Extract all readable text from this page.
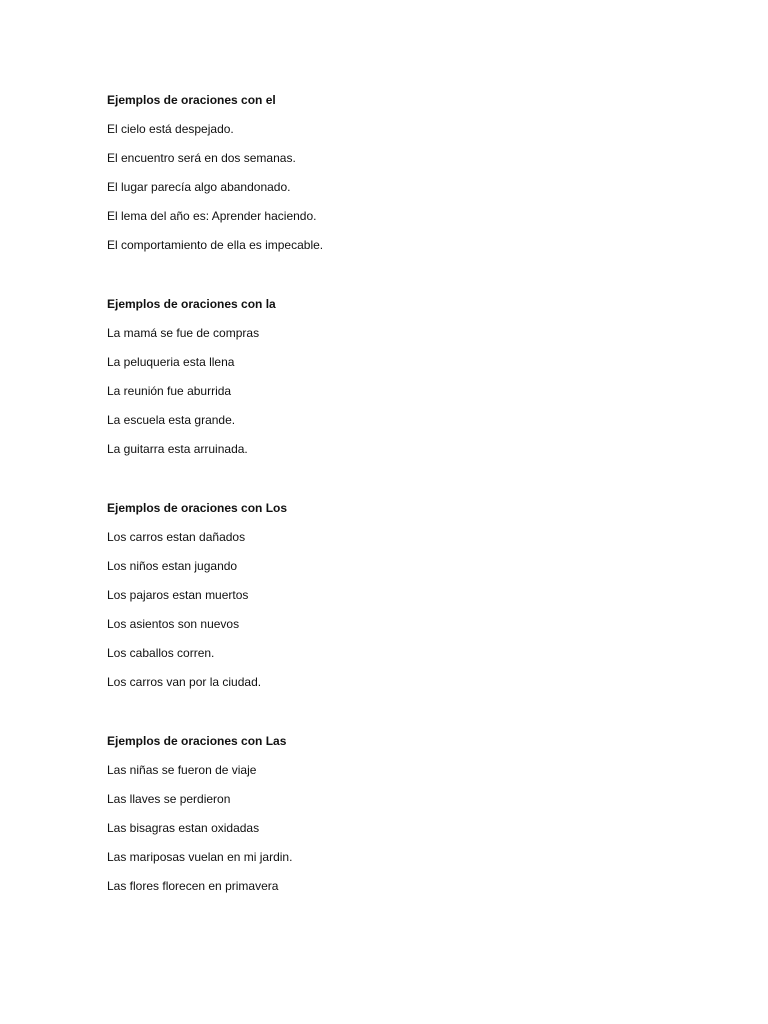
Ejemplos de oraciones con el
El cielo está despejado.
El encuentro será en dos semanas.
El lugar parecía algo abandonado.
El lema del año es: Aprender haciendo.
El comportamiento de ella es impecable.
Ejemplos de oraciones con la
La mamá se fue de compras
La peluqueria esta llena
La reunión fue aburrida
La escuela esta grande.
La guitarra esta arruinada.
Ejemplos de oraciones con Los
Los carros estan dañados
Los niños estan jugando
Los pajaros estan muertos
Los asientos son nuevos
Los caballos corren.
Los carros van por la ciudad.
Ejemplos de oraciones con Las
Las niñas se fueron de viaje
Las llaves se perdieron
Las bisagras estan oxidadas
Las mariposas vuelan en mi jardin.
Las flores florecen en primavera
